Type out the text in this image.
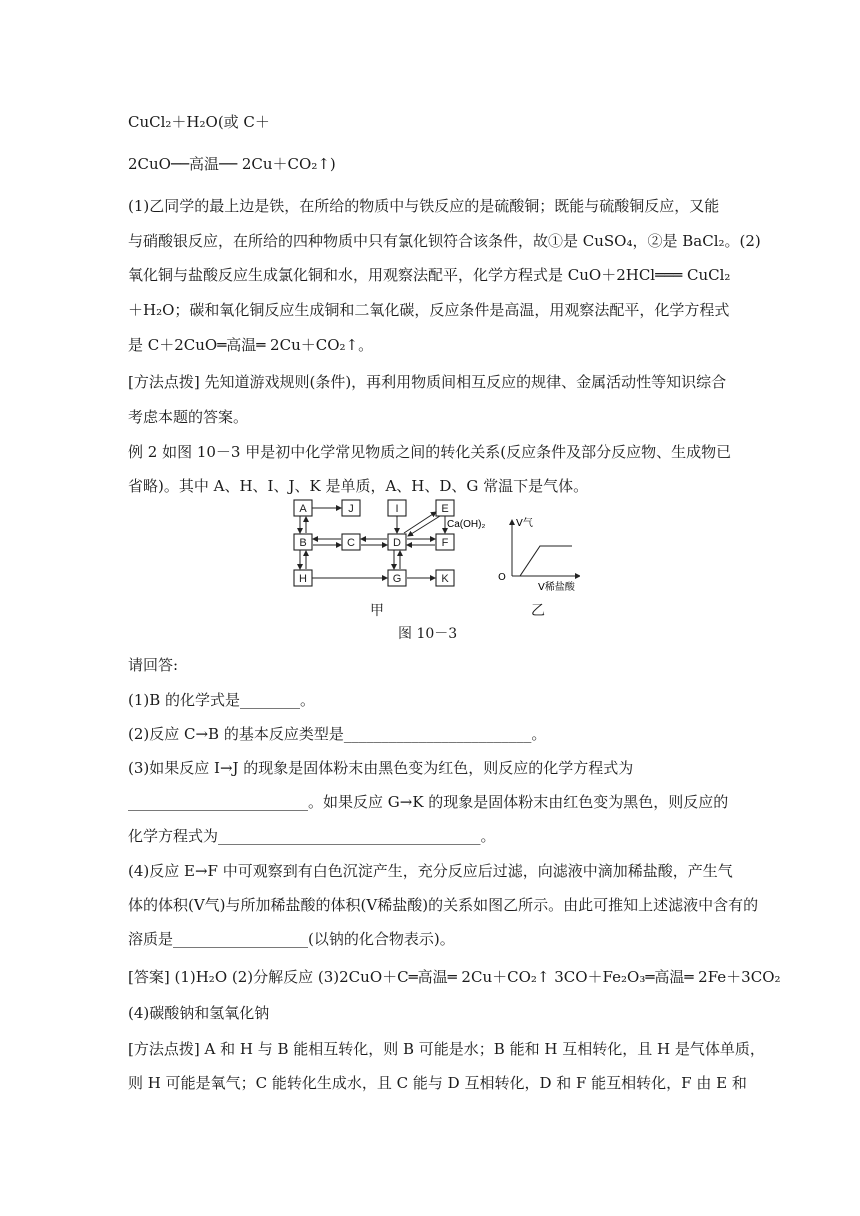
CuCl₂＋H₂O(或 C＋
2CuO──高温── 2Cu＋CO₂↑)
(1)乙同学的最上边是铁，在所给的物质中与铁反应的是硫酸铜；既能与硫酸铜反应，又能
与硝酸银反应，在所给的四种物质中只有氯化钡符合该条件，故①是 CuSO₄，②是 BaCl₂。(2)
氧化铜与盐酸反应生成氯化铜和水，用观察法配平，化学方程式是 CuO＋2HCl═══ CuCl₂
＋H₂O；碳和氧化铜反应生成铜和二氧化碳，反应条件是高温，用观察法配平，化学方程式
是 C＋2CuO═高温═ 2Cu＋CO₂↑。
[方法点拨] 先知道游戏规则(条件)，再利用物质间相互反应的规律、金属活动性等知识综合
考虑本题的答案。
例 2 如图 10－3 甲是初中化学常见物质之间的转化关系(反应条件及部分反应物、生成物已
省略)。其中 A、H、I、J、K 是单质，A、H、D、G 常温下是气体。
A	J	I	E
B	C	D	F
H	G	K
Ca(OH)₂	V气
V稀盐酸
O
甲	乙
图 10－3
请回答:
(1)B 的化学式是________。
(2)反应 C→B 的基本反应类型是_________________________。
(3)如果反应 I→J 的现象是固体粉末由黑色变为红色，则反应的化学方程式为
________________________。如果反应 G→K 的现象是固体粉末由红色变为黑色，则反应的
化学方程式为___________________________________。
(4)反应 E→F 中可观察到有白色沉淀产生，充分反应后过滤，向滤液中滴加稀盐酸，产生气
体的体积(V气)与所加稀盐酸的体积(V稀盐酸)的关系如图乙所示。由此可推知上述滤液中含有的
溶质是__________________(以钠的化合物表示)。
[答案] (1)H₂O (2)分解反应 (3)2CuO＋C═高温═ 2Cu＋CO₂↑ 3CO＋Fe₂O₃═高温═ 2Fe＋3CO₂
(4)碳酸钠和氢氧化钠
[方法点拨] A 和 H 与 B 能相互转化，则 B 可能是水；B 能和 H 互相转化，且 H 是气体单质，
则 H 可能是氧气；C 能转化生成水，且 C 能与 D 互相转化，D 和 F 能互相转化，F 由 E 和
